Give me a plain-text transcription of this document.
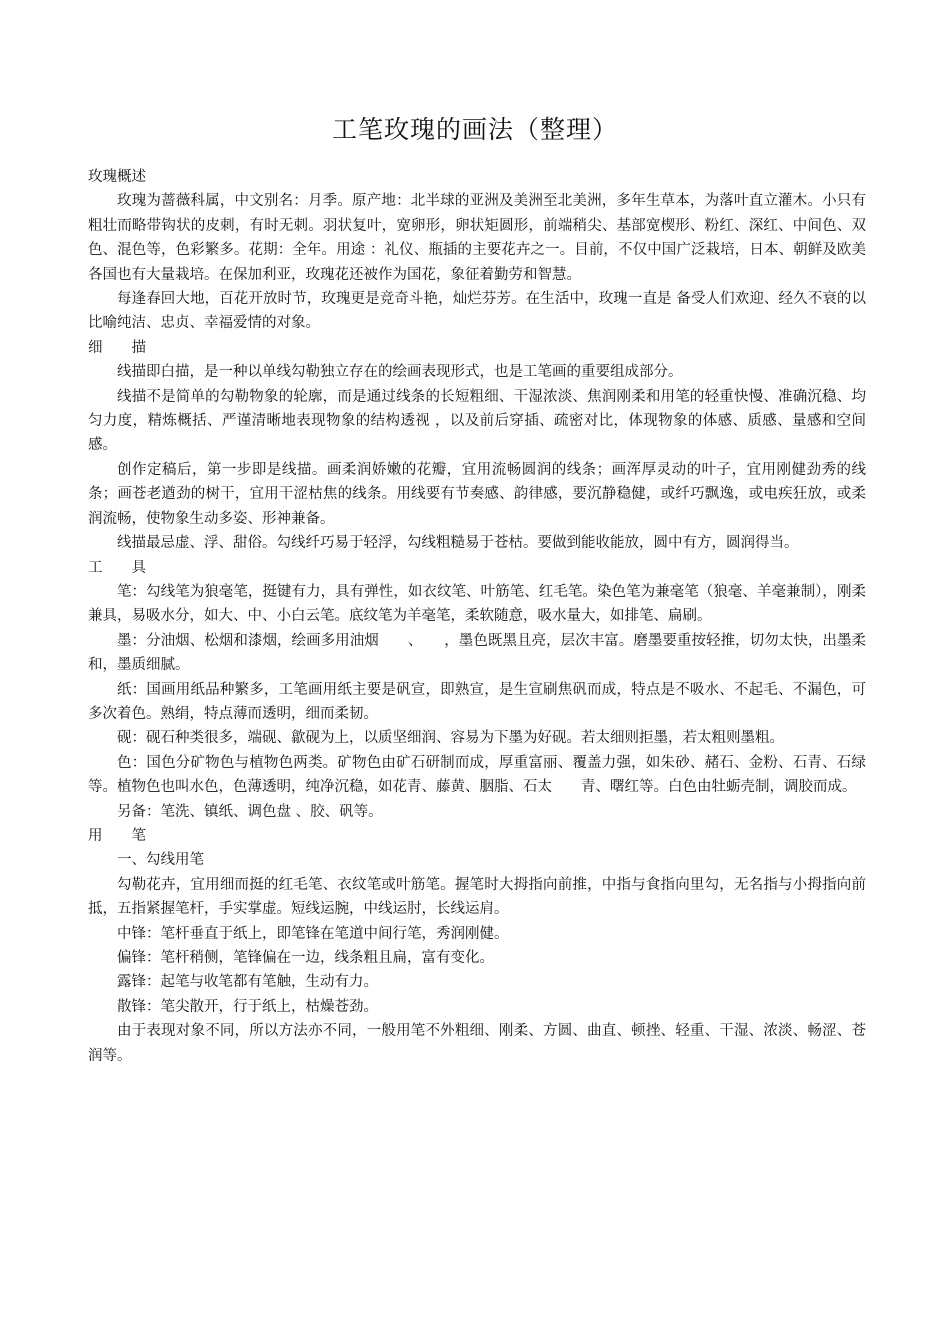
工笔玫瑰的画法（整理）

玫瑰概述

玫瑰为蔷薇科属，中文别名：月季。原产地：北半球的亚洲及美洲至北美洲，多年生草本，为落叶直立灌木。小只有粗壮而略带钩状的皮刺，有时无刺。羽状复叶，宽卵形，卵状矩圆形，前端稍尖、基部宽楔形、粉红、深红、中间色、双色、混色等，色彩繁多。花期：全年。用途 ：礼仪、瓶插的主要花卉之一。目前，不仅中国广泛栽培，日本、朝鲜及欧美各国也有大量栽培。在保加利亚，玫瑰花还被作为国花，象征着勤劳和智慧。

每逢春回大地，百花开放时节，玫瑰更是竞奇斗艳，灿烂芬芳。在生活中，玫瑰一直是 备受人们欢迎、经久不衰的以比喻纯洁、忠贞、幸福爱情的对象。

细　　描

线描即白描，是一种以单线勾勒独立存在的绘画表现形式，也是工笔画的重要组成部分。

线描不是简单的勾勒物象的轮廓，而是通过线条的长短粗细、干湿浓淡、焦润刚柔和用笔的轻重快慢、准确沉稳、均匀力度，精炼概括、严谨清晰地表现物象的结构透视 ，以及前后穿插、疏密对比，体现物象的体感、质感、量感和空间感。

创作定稿后，第一步即是线描。画柔润娇嫩的花瓣，宜用流畅圆润的线条；画浑厚灵动的叶子，宜用刚健劲秀的线条；画苍老遒劲的树干，宜用干涩枯焦的线条。用线要有节奏感、韵律感，要沉静稳健，或纤巧飘逸，或电疾狂放，或柔润流畅，使物象生动多姿、形神兼备。

线描最忌虚、浮、甜俗。勾线纤巧易于轻浮，勾线粗糙易于苍枯。要做到能收能放，圆中有方，圆润得当。

工　　具

笔：勾线笔为狼毫笔，挺键有力，具有弹性，如衣纹笔、叶筋笔、红毛笔。染色笔为兼毫笔（狼毫、羊毫兼制），刚柔兼具，易吸水分，如大、中、小白云笔。底纹笔为羊毫笔，柔软随意，吸水量大，如排笔、扁刷。

墨：分油烟、松烟和漆烟，绘画多用油烟　　、　　，墨色既黑且亮，层次丰富。磨墨要重按轻推，切勿太快，出墨柔和，墨质细腻。

纸：国画用纸品种繁多，工笔画用纸主要是矾宣，即熟宣，是生宣刷焦矾而成，特点是不吸水、不起毛、不漏色，可多次着色。熟绢，特点薄而透明，细而柔韧。

砚：砚石种类很多，端砚、歙砚为上，以质坚细润、容易为下墨为好砚。若太细则拒墨，若太粗则墨粗。

色：国色分矿物色与植物色两类。矿物色由矿石研制而成，厚重富丽、覆盖力强，如朱砂、赭石、金粉、石青、石绿等。植物色也叫水色，色薄透明，纯净沉稳，如花青、藤黄、胭脂、石太　　青、曙红等。白色由牡蛎壳制，调胶而成。

另备：笔洗、镇纸、调色盘 、胶、矾等。

用　　笔

一、勾线用笔

勾勒花卉，宜用细而挺的红毛笔、衣纹笔或叶筋笔。握笔时大拇指向前推，中指与食指向里勾，无名指与小拇指向前抵，五指紧握笔杆，手实掌虚。短线运腕，中线运肘，长线运肩。

中锋：笔杆垂直于纸上，即笔锋在笔道中间行笔，秀润刚健。

偏锋：笔杆稍侧，笔锋偏在一边，线条粗且扁，富有变化。

露锋：起笔与收笔都有笔触，生动有力。

散锋：笔尖散开，行于纸上，枯燥苍劲。

由于表现对象不同，所以方法亦不同，一般用笔不外粗细、刚柔、方圆、曲直、顿挫、轻重、干湿、浓淡、畅涩、苍润等。
